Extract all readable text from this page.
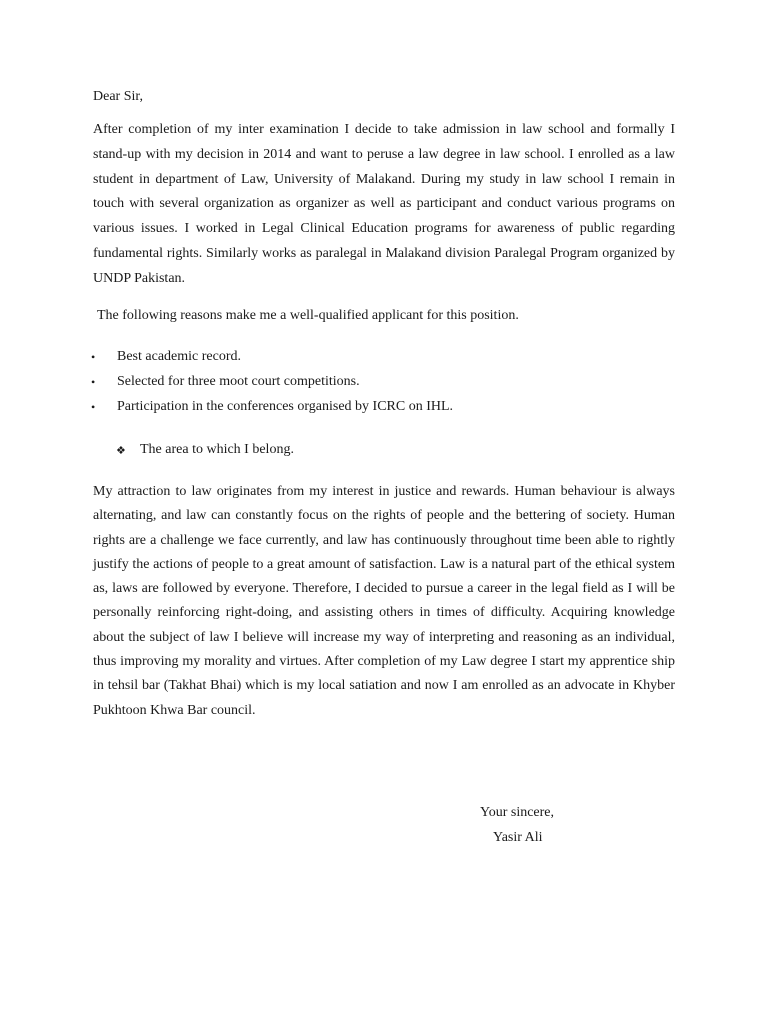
Dear Sir,

After completion of my inter examination I decide to take admission in law school and formally I stand-up with my decision in 2014 and want to peruse a law degree in law school. I enrolled as a law student in department of Law, University of Malakand. During my study in law school I remain in touch with several organization as organizer as well as participant and conduct various programs on various issues. I worked in Legal Clinical Education programs for awareness of public regarding fundamental rights. Similarly works as paralegal in Malakand division Paralegal Program organized by UNDP Pakistan.

The following reasons make me a well-qualified applicant for this position.

• Best academic record.
• Selected for three moot court competitions.
• Participation in the conferences organised by ICRC on IHL.
❖ The area to which I belong.

My attraction to law originates from my interest in justice and rewards. Human behaviour is always alternating, and law can constantly focus on the rights of people and the bettering of society. Human rights are a challenge we face currently, and law has continuously throughout time been able to rightly justify the actions of people to a great amount of satisfaction. Law is a natural part of the ethical system as, laws are followed by everyone. Therefore, I decided to pursue a career in the legal field as I will be personally reinforcing right-doing, and assisting others in times of difficulty. Acquiring knowledge about the subject of law I believe will increase my way of interpreting and reasoning as an individual, thus improving my morality and virtues. After completion of my Law degree I start my apprentice ship in tehsil bar (Takhat Bhai) which is my local satiation and now I am enrolled as an advocate in Khyber Pukhtoon Khwa Bar council.

Your sincere,

Yasir Ali
